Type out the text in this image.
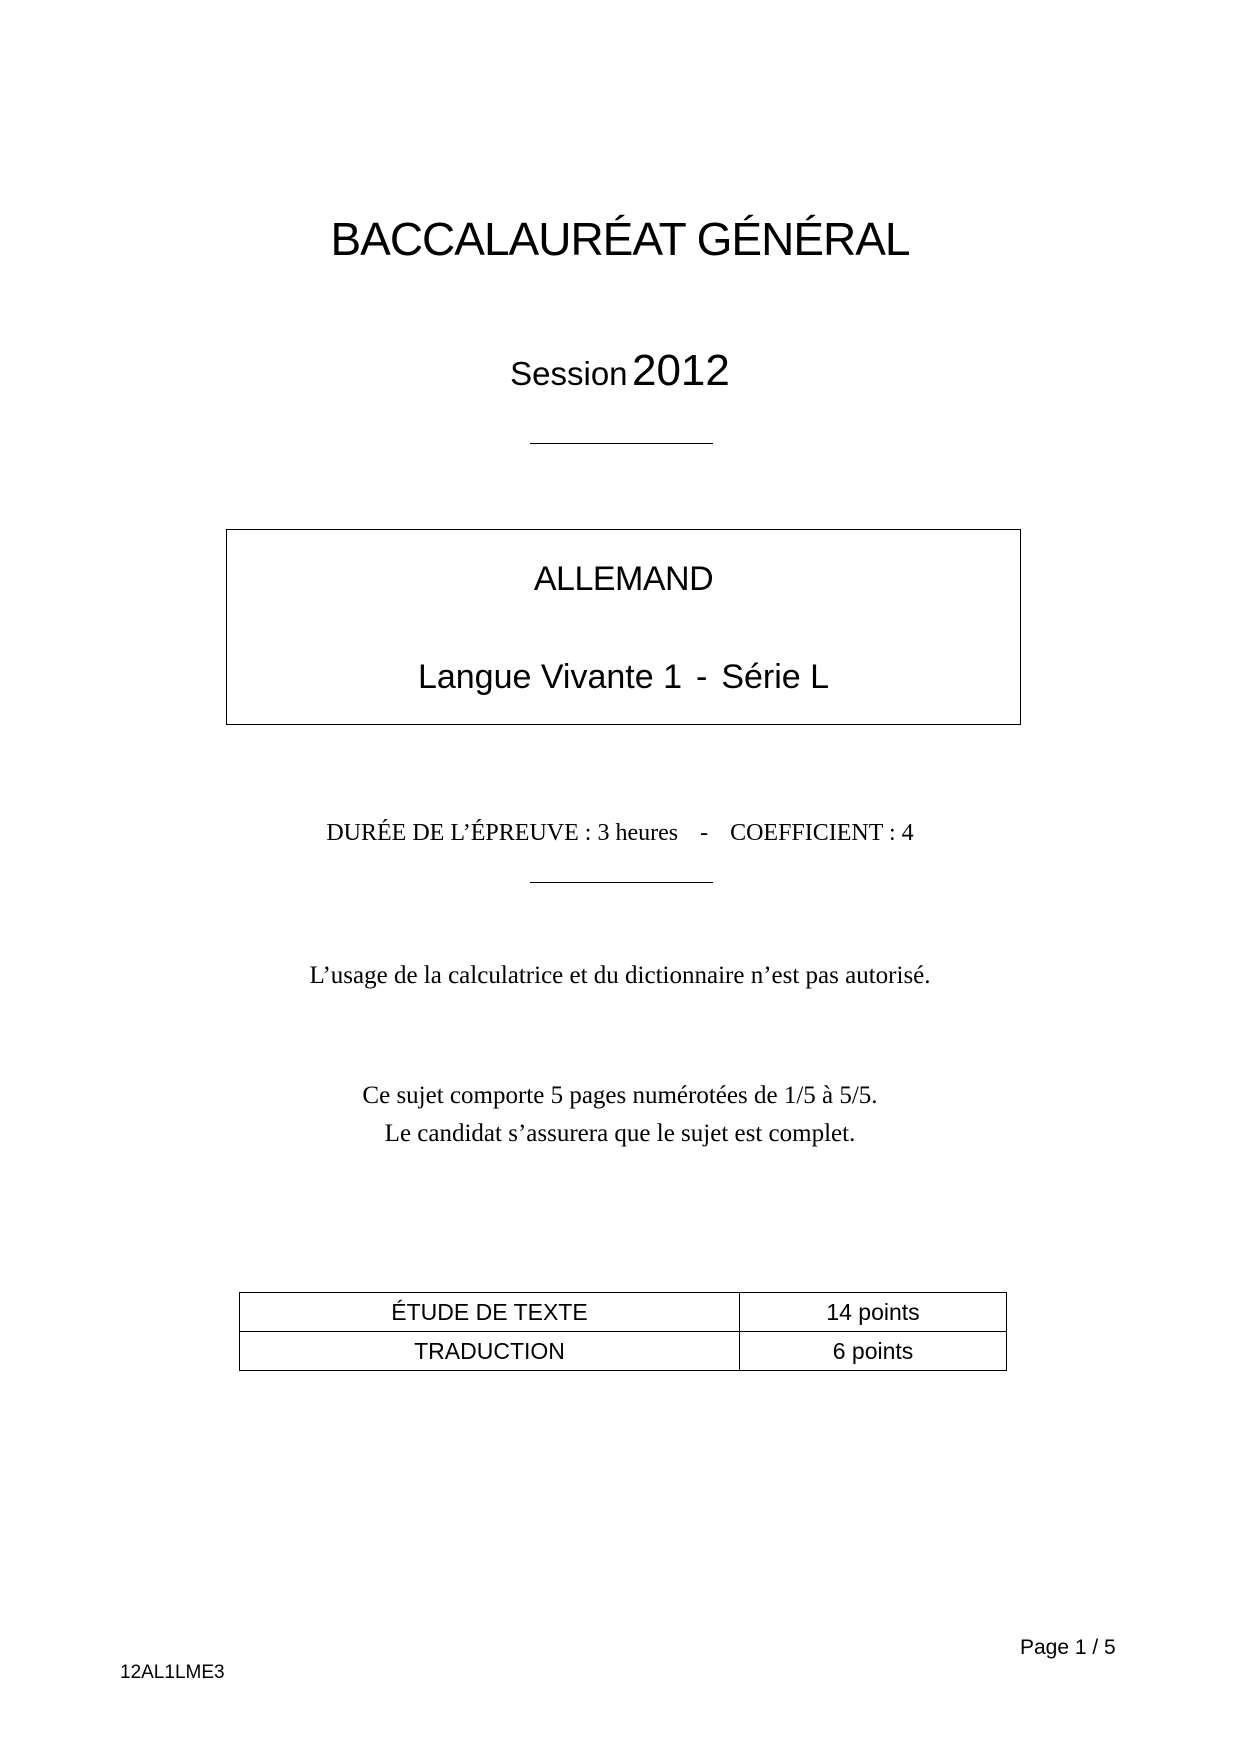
BACCALAURÉAT GÉNÉRAL
Session 2012
ALLEMAND
Langue Vivante 1 - Série L
DURÉE DE L’ÉPREUVE : 3 heures - COEFFICIENT : 4
L’usage de la calculatrice et du dictionnaire n’est pas autorisé.
Ce sujet comporte 5 pages numérotées de 1/5 à 5/5.
Le candidat s’assurera que le sujet est complet.
ÉTUDE DE TEXTE	14 points
TRADUCTION	6 points
Page 1 / 5
12AL1LME3
